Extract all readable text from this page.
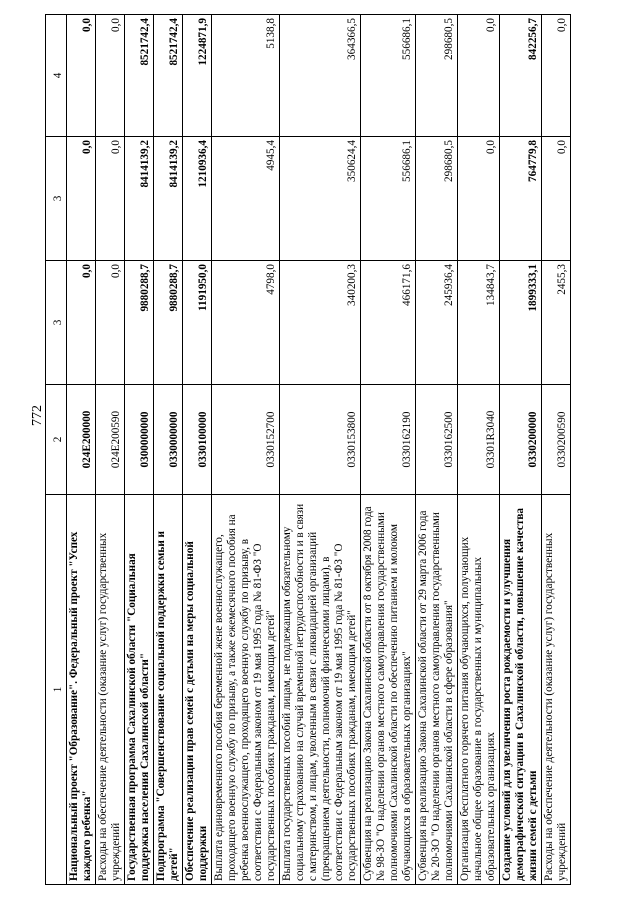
772
1	2	3	3	4
Национальный проект "Образование". Федеральный проект "Успех каждого ребенка"	024E200000	0,0	0,0	0,0
Расходы на обеспечение деятельности (оказание услуг) государственных учреждений	024E200590	0,0	0,0	0,0
Государственная программа Сахалинской области "Социальная поддержка населения Сахалинской области"	0300000000	9880288,7	8414139,2	8521742,4
Подпрограмма "Совершенствование социальной поддержки семьи и детей"	0330000000	9880288,7	8414139,2	8521742,4
Обеспечение реализации прав семей с детьми на меры социальной поддержки	0330100000	1191950,0	1210936,4	1224871,9
Выплата единовременного пособия беременной жене военнослужащего, проходящего военную службу по призыву, а также ежемесячного пособия на ребенка военнослужащего, проходящего военную службу по призыву, в соответствии с Федеральным законом от 19 мая 1995 года № 81-ФЗ "О государственных пособиях гражданам, имеющим детей"	0330152700	4798,0	4945,4	5138,8
Выплата государственных пособий лицам, не подлежащим обязательному социальному страхованию на случай временной нетрудоспособности и в связи с материнством, и лицам, уволенным в связи с ликвидацией организаций (прекращением деятельности, полномочий физическими лицами), в соответствии с Федеральным законом от 19 мая 1995 года № 81-ФЗ "О государственных пособиях гражданам, имеющим детей"	0330153800	340200,3	350624,4	364366,5
Субвенция на реализацию Закона Сахалинской области от 8 октября 2008 года № 98-ЗО "О наделении органов местного самоуправления государственными полномочиями Сахалинской области по обеспечению питанием и молоком обучающихся в образовательных организациях"	0330162190	466171,6	556686,1	556686,1
Субвенция на реализацию Закона Сахалинской области от 29 марта 2006 года № 20-ЗО "О наделении органов местного самоуправления государственными полномочиями Сахалинской области в сфере образования"	0330162500	245936,4	298680,5	298680,5
Организация бесплатного горячего питания обучающихся, получающих начальное общее образование в государственных и муниципальных образовательных организациях	03301R3040	134843,7	0,0	0,0
Создание условий для увеличения роста рождаемости и улучшения демографической ситуации в Сахалинской области, повышение качества жизни семей с детьми	0330200000	1899333,1	764779,8	842256,7
Расходы на обеспечение деятельности (оказание услуг) государственных учреждений	0330200590	2455,3	0,0	0,0
